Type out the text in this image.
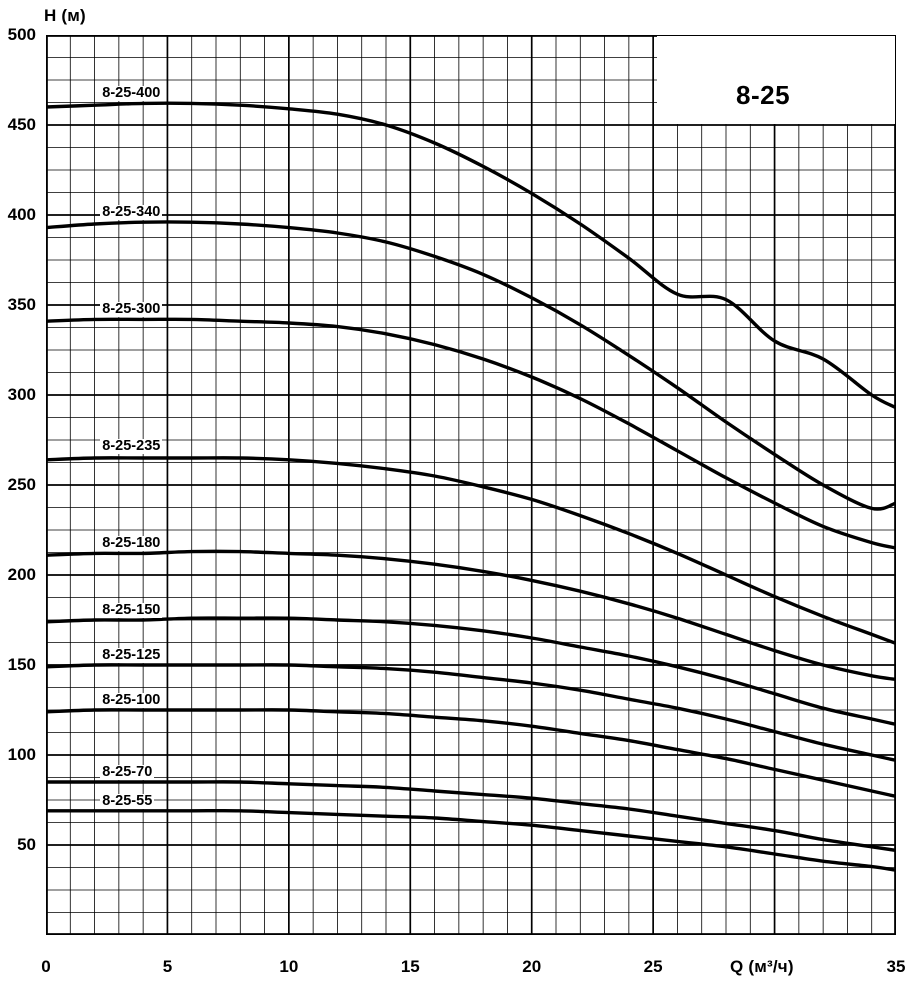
H (м)
Q (м³/ч)
8-25
50
100
150
200
250
300
350
400
450
500
0	5	10	15	20	25	35
8-25-400
8-25-340
8-25-300
8-25-235
8-25-180
8-25-150
8-25-125
8-25-100
8-25-70
8-25-55
